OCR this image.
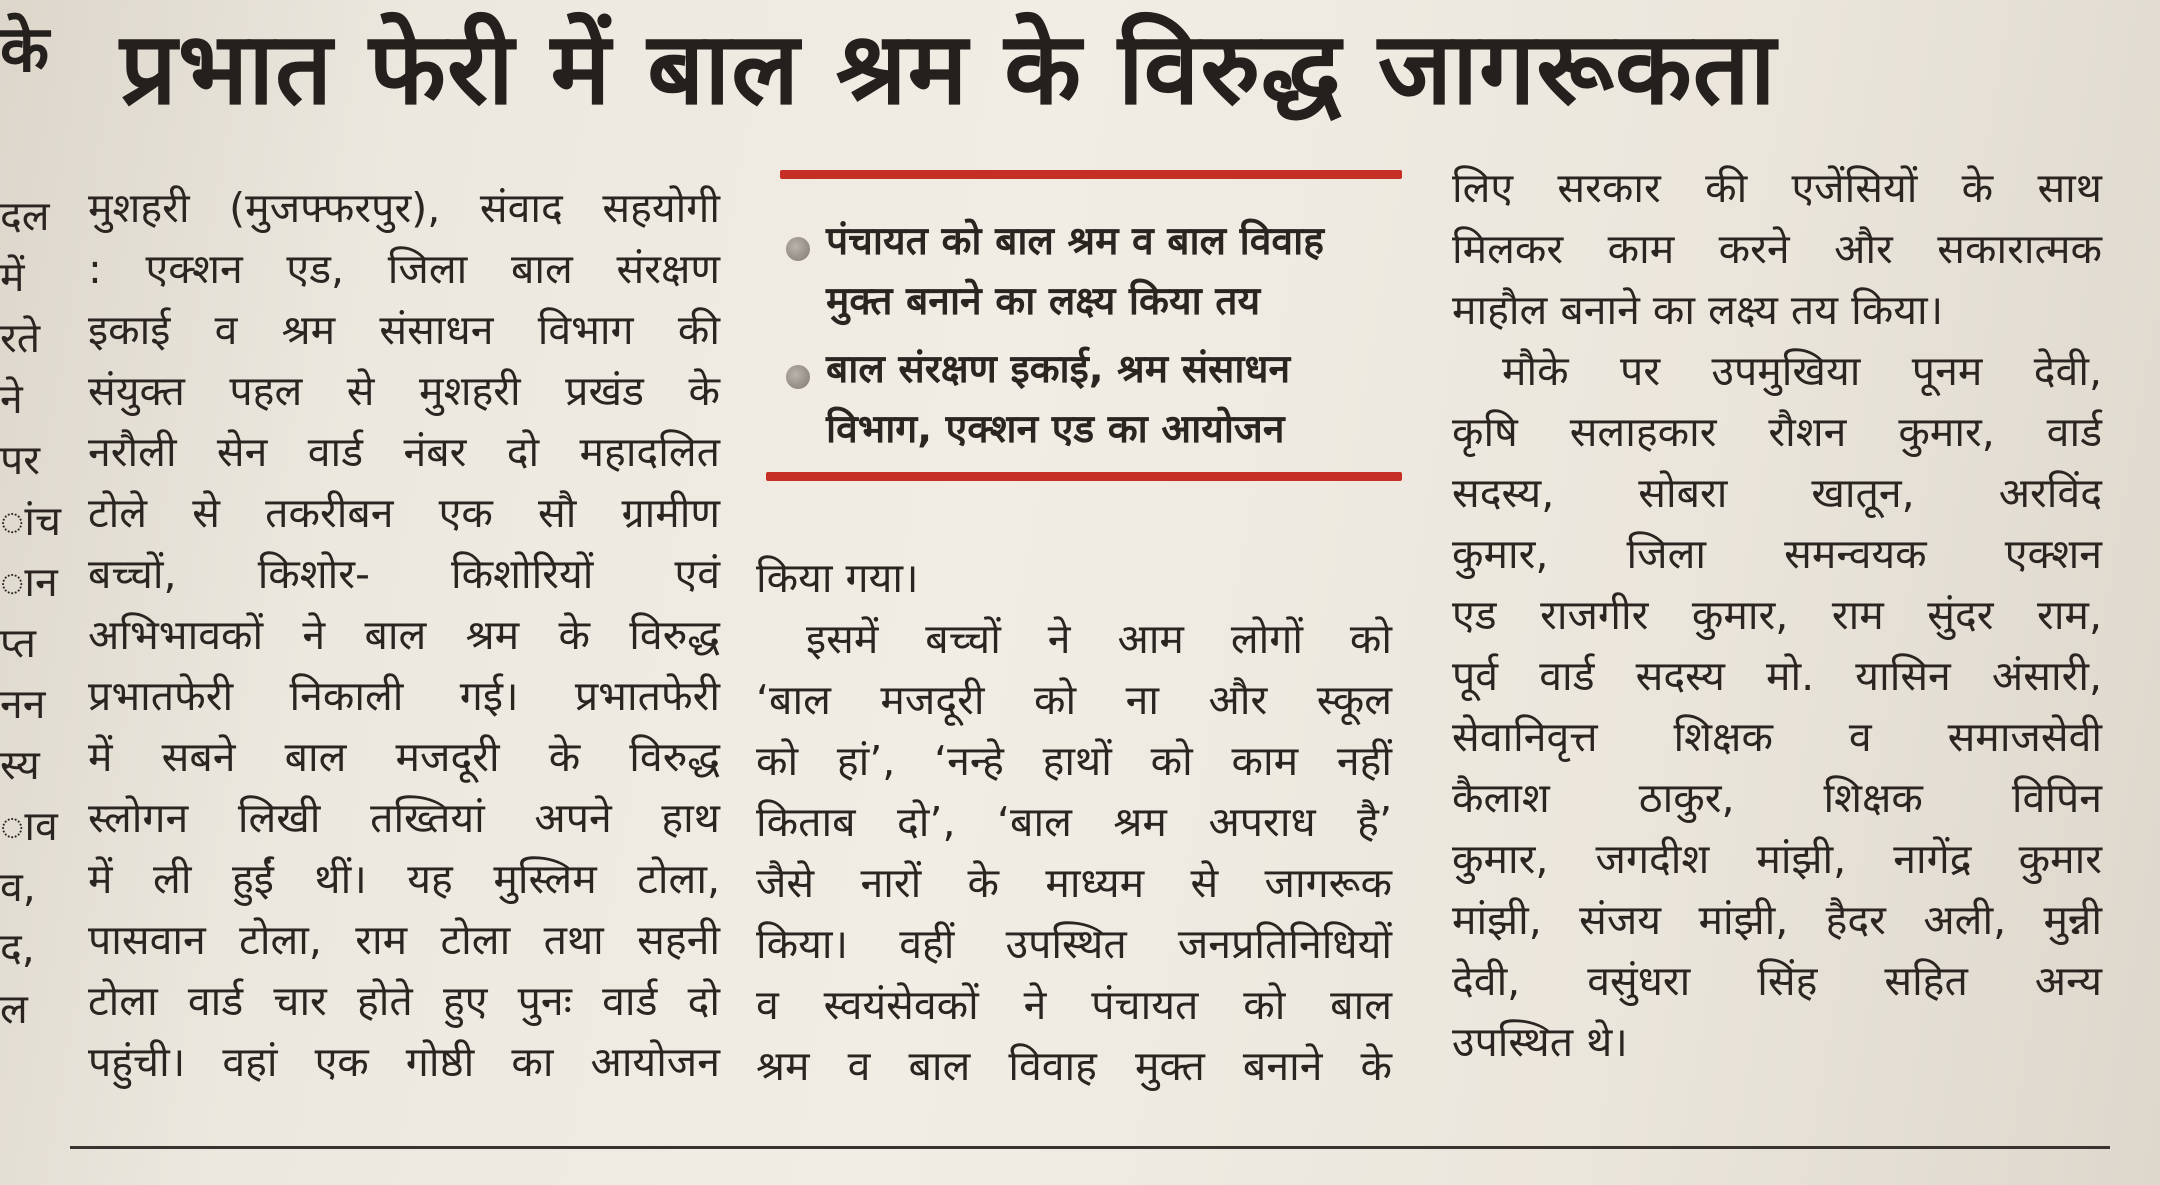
के प्रभात फेरी में बाल श्रम के विरुद्ध जागरूकता
दल
में
रते
ने
पर
ांच
ान
प्त
नन
स्य
ाव
व,
द,
ल
मुशहरी (मुजफ्फरपुर), संवाद सहयोगी
: एक्शन एड, जिला बाल संरक्षण
इकाई व श्रम संसाधन विभाग की
संयुक्त पहल से मुशहरी प्रखंड के
नरौली सेन वार्ड नंबर दो महादलित
टोले से तकरीबन एक सौ ग्रामीण
बच्चों, किशोर- किशोरियों एवं
अभिभावकों ने बाल श्रम के विरुद्ध
प्रभातफेरी निकाली गई। प्रभातफेरी
में सबने बाल मजदूरी के विरुद्ध
स्लोगन लिखी तख्तियां अपने हाथ
में ली हुईं थीं। यह मुस्लिम टोला,
पासवान टोला, राम टोला तथा सहनी
टोला वार्ड चार होते हुए पुनः वार्ड दो
पहुंची। वहां एक गोष्ठी का आयोजन
पंचायत को बाल श्रम व बाल विवाह
मुक्त बनाने का लक्ष्य किया तय
बाल संरक्षण इकाई, श्रम संसाधन
विभाग, एक्शन एड का आयोजन
किया गया।
इसमें बच्चों ने आम लोगों को
‘बाल मजदूरी को ना और स्कूल
को हां’, ‘नन्हे हाथों को काम नहीं
किताब दो’, ‘बाल श्रम अपराध है’
जैसे नारों के माध्यम से जागरूक
किया। वहीं उपस्थित जनप्रतिनिधियों
व स्वयंसेवकों ने पंचायत को बाल
श्रम व बाल विवाह मुक्त बनाने के
लिए सरकार की एजेंसियों के साथ
मिलकर काम करने और सकारात्मक
माहौल बनाने का लक्ष्य तय किया।
मौके पर उपमुखिया पूनम देवी,
कृषि सलाहकार रौशन कुमार, वार्ड
सदस्य, सोबरा खातून, अरविंद
कुमार, जिला समन्वयक एक्शन
एड राजगीर कुमार, राम सुंदर राम,
पूर्व वार्ड सदस्य मो. यासिन अंसारी,
सेवानिवृत्त शिक्षक व समाजसेवी
कैलाश ठाकुर, शिक्षक विपिन
कुमार, जगदीश मांझी, नागेंद्र कुमार
मांझी, संजय मांझी, हैदर अली, मुन्नी
देवी, वसुंधरा सिंह सहित अन्य
उपस्थित थे।
